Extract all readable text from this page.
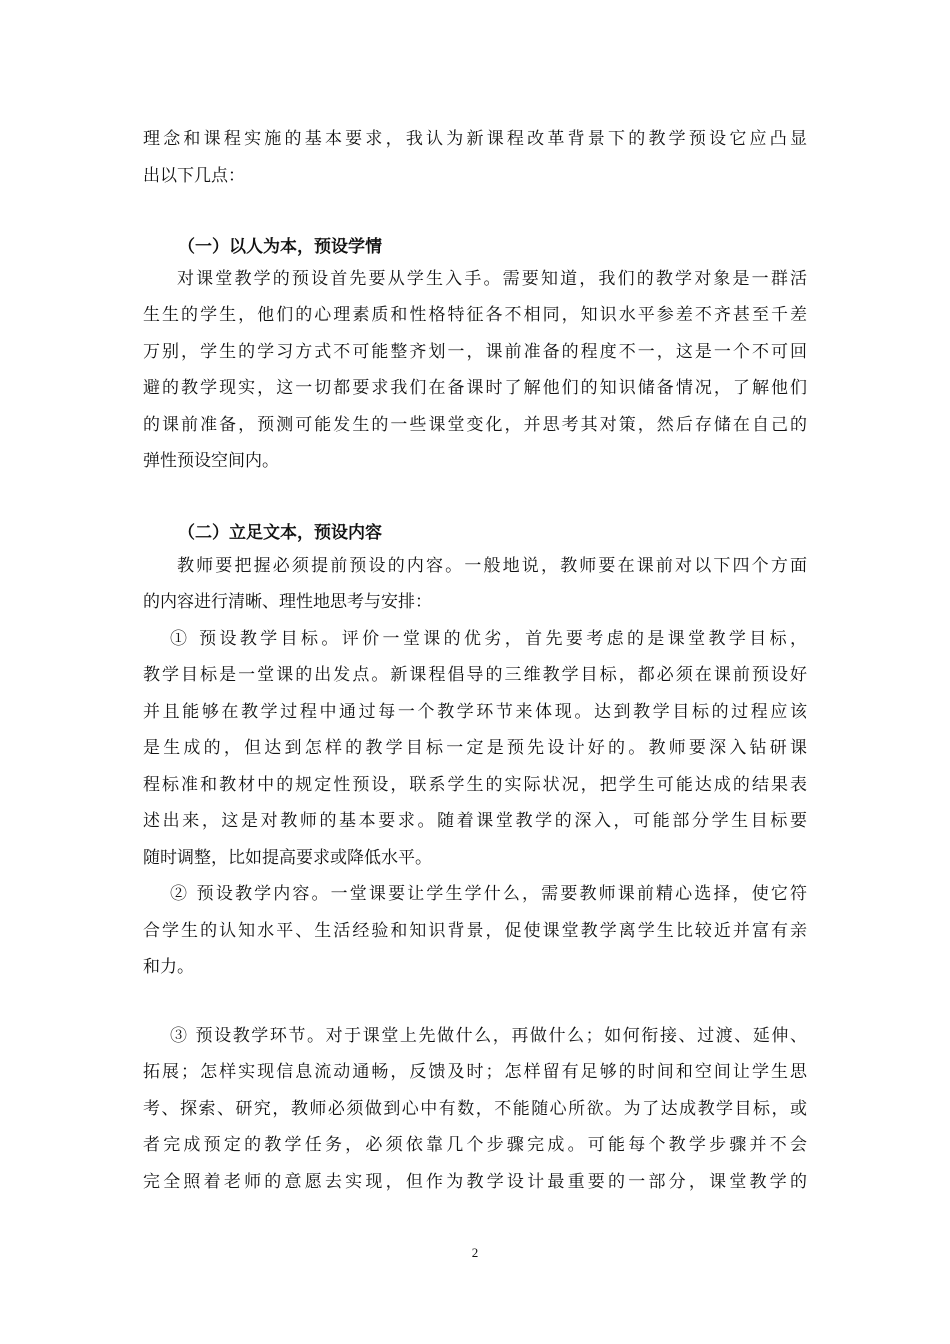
理念和课程实施的基本要求，我认为新课程改革背景下的教学预设它应凸显
出以下几点：
（一）以人为本，预设学情
对课堂教学的预设首先要从学生入手。需要知道，我们的教学对象是一群活
生生的学生，他们的心理素质和性格特征各不相同，知识水平参差不齐甚至千差
万别，学生的学习方式不可能整齐划一，课前准备的程度不一，这是一个不可回
避的教学现实，这一切都要求我们在备课时了解他们的知识储备情况，了解他们
的课前准备，预测可能发生的一些课堂变化，并思考其对策，然后存储在自己的
弹性预设空间内。
（二）立足文本，预设内容
教师要把握必须提前预设的内容。一般地说，教师要在课前对以下四个方面
的内容进行清晰、理性地思考与安排：
① 预设教学目标。评价一堂课的优劣，首先要考虑的是课堂教学目标，
教学目标是一堂课的出发点。新课程倡导的三维教学目标，都必须在课前预设好
并且能够在教学过程中通过每一个教学环节来体现。达到教学目标的过程应该
是生成的，但达到怎样的教学目标一定是预先设计好的。教师要深入钻研课
程标准和教材中的规定性预设，联系学生的实际状况，把学生可能达成的结果表
述出来，这是对教师的基本要求。随着课堂教学的深入，可能部分学生目标要
随时调整，比如提高要求或降低水平。
② 预设教学内容。一堂课要让学生学什么，需要教师课前精心选择，使它符
合学生的认知水平、生活经验和知识背景，促使课堂教学离学生比较近并富有亲
和力。
③ 预设教学环节。对于课堂上先做什么，再做什么；如何衔接、过渡、延伸、
拓展；怎样实现信息流动通畅，反馈及时；怎样留有足够的时间和空间让学生思
考、探索、研究，教师必须做到心中有数，不能随心所欲。为了达成教学目标，或
者完成预定的教学任务，必须依靠几个步骤完成。可能每个教学步骤并不会
完全照着老师的意愿去实现，但作为教学设计最重要的一部分，课堂教学的
2
